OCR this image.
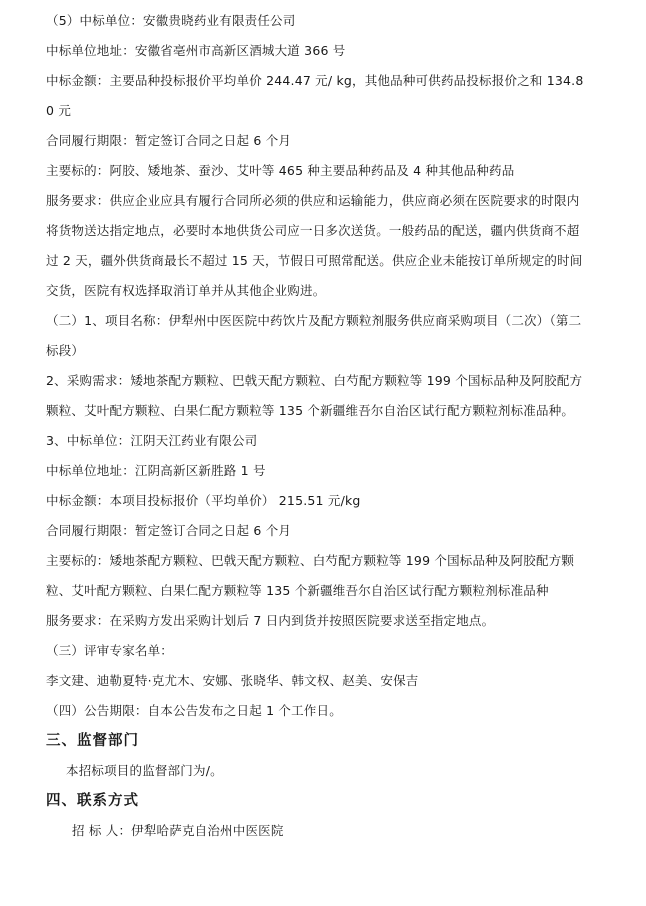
（5）中标单位：安徽贵晓药业有限责任公司

中标单位地址：安徽省亳州市高新区酒城大道 366 号

中标金额：主要品种投标报价平均单价 244.47 元/ kg，其他品种可供药品投标报价之和 134.80 元

合同履行期限：暂定签订合同之日起 6 个月

主要标的：阿胶、矮地茶、蚕沙、艾叶等 465 种主要品种药品及 4 种其他品种药品

服务要求：供应企业应具有履行合同所必须的供应和运输能力，供应商必须在医院要求的时限内将货物送达指定地点，必要时本地供货公司应一日多次送货。一般药品的配送，疆内供货商不超过 2 天，疆外供货商最长不超过 15 天，节假日可照常配送。供应企业未能按订单所规定的时间交货，医院有权选择取消订单并从其他企业购进。

（二）1、项目名称：伊犁州中医医院中药饮片及配方颗粒剂服务供应商采购项目（二次）（第二标段）

2、采购需求：矮地茶配方颗粒、巴戟天配方颗粒、白芍配方颗粒等 199 个国标品种及阿胶配方颗粒、艾叶配方颗粒、白果仁配方颗粒等 135 个新疆维吾尔自治区试行配方颗粒剂标准品种。

3、中标单位：江阴天江药业有限公司

中标单位地址：江阴高新区新胜路 1 号

中标金额：本项目投标报价（平均单价） 215.51 元/kg

合同履行期限：暂定签订合同之日起 6 个月

主要标的：矮地茶配方颗粒、巴戟天配方颗粒、白芍配方颗粒等 199 个国标品种及阿胶配方颗粒、艾叶配方颗粒、白果仁配方颗粒等 135 个新疆维吾尔自治区试行配方颗粒剂标准品种

服务要求：在采购方发出采购计划后 7 日内到货并按照医院要求送至指定地点。

（三）评审专家名单：

李文建、迪勒夏特·克尤木、安娜、张晓华、韩文权、赵美、安保吉

（四）公告期限：自本公告发布之日起 1 个工作日。

三、监督部门

本招标项目的监督部门为/。

四、联系方式

招 标 人：伊犁哈萨克自治州中医医院
